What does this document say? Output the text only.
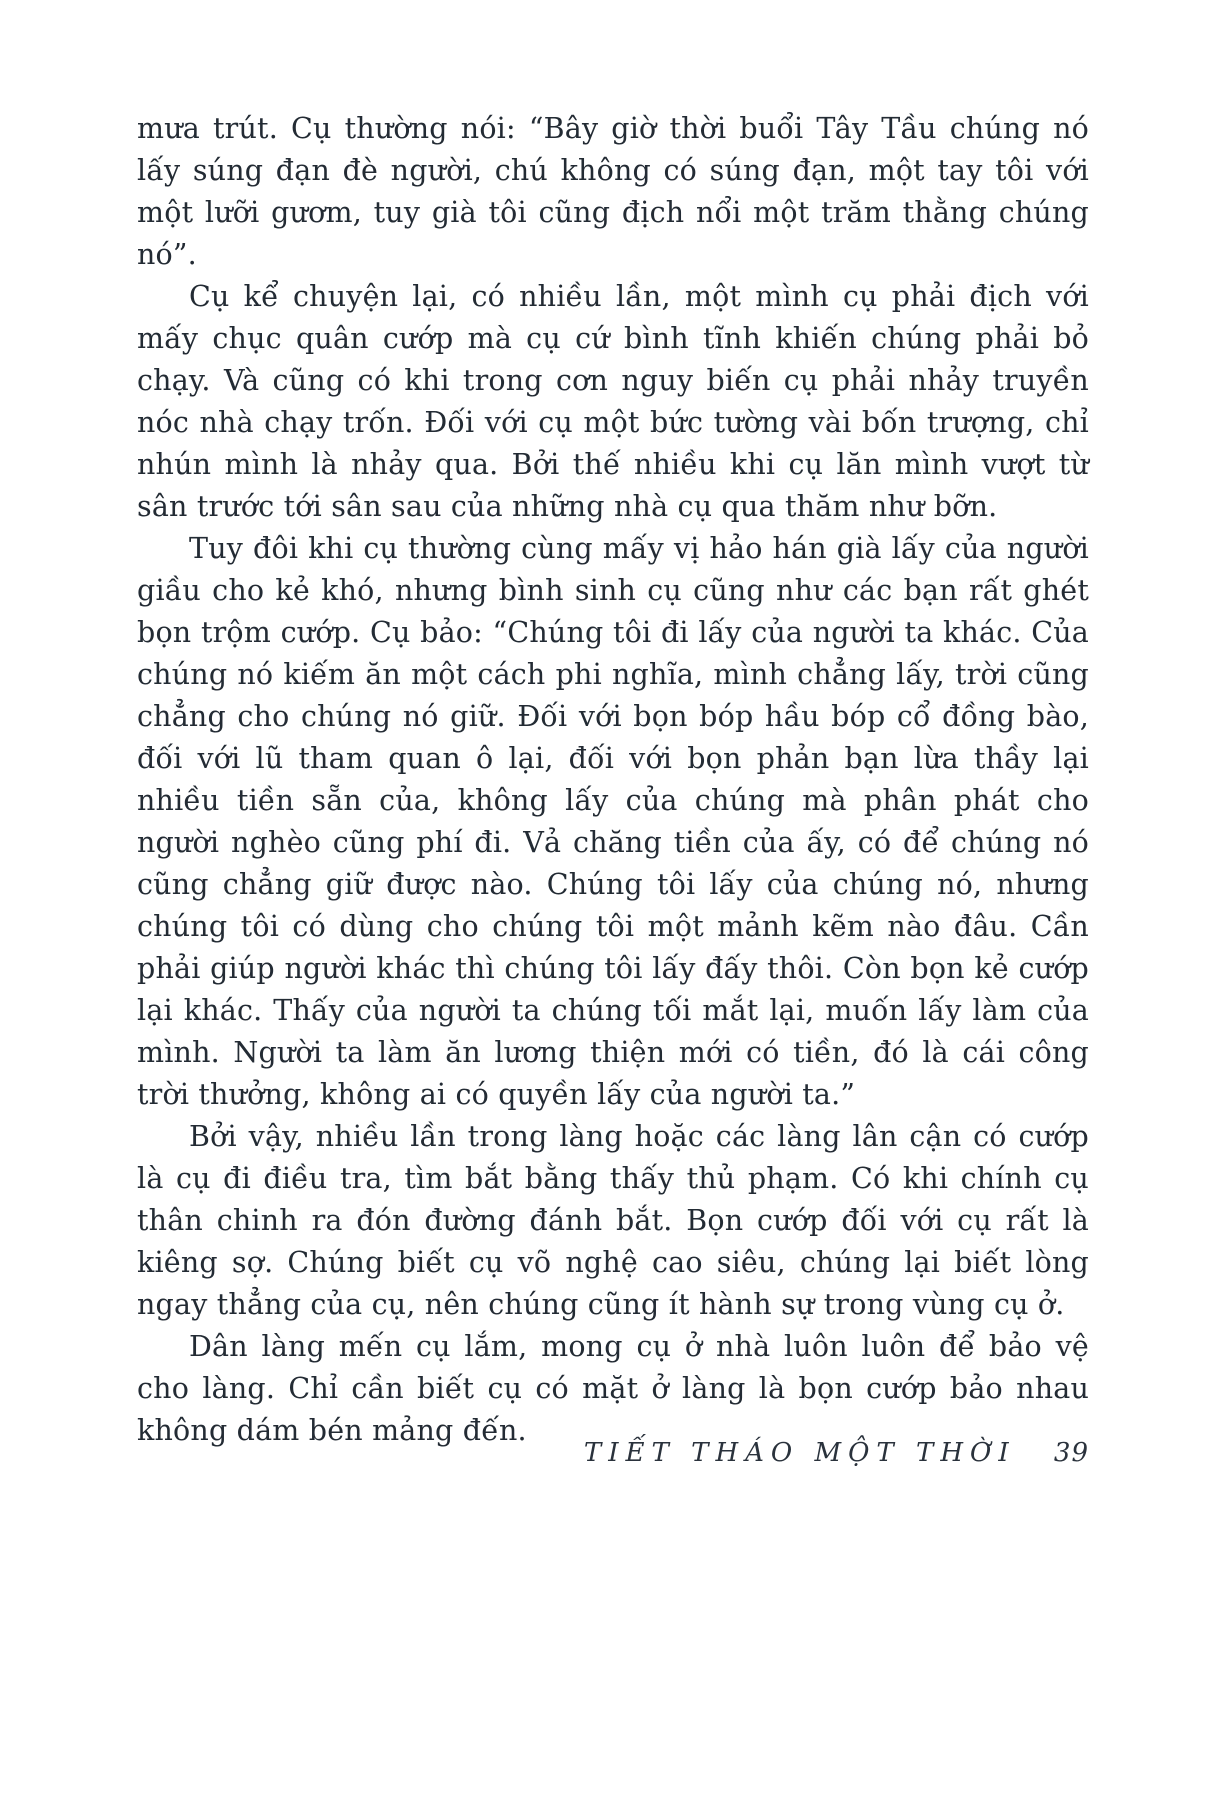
mưa trút. Cụ thường nói: “Bây giờ thời buổi Tây Tầu chúng nó lấy súng đạn đè người, chú không có súng đạn, một tay tôi với một lưỡi gươm, tuy già tôi cũng địch nổi một trăm thằng chúng nó”.

Cụ kể chuyện lại, có nhiều lần, một mình cụ phải địch với mấy chục quân cướp mà cụ cứ bình tĩnh khiến chúng phải bỏ chạy. Và cũng có khi trong cơn nguy biến cụ phải nhảy truyền nóc nhà chạy trốn. Đối với cụ một bức tường vài bốn trượng, chỉ nhún mình là nhảy qua. Bởi thế nhiều khi cụ lăn mình vượt từ sân trước tới sân sau của những nhà cụ qua thăm như bỡn.

Tuy đôi khi cụ thường cùng mấy vị hảo hán già lấy của người giầu cho kẻ khó, nhưng bình sinh cụ cũng như các bạn rất ghét bọn trộm cướp. Cụ bảo: “Chúng tôi đi lấy của người ta khác. Của chúng nó kiếm ăn một cách phi nghĩa, mình chẳng lấy, trời cũng chẳng cho chúng nó giữ. Đối với bọn bóp hầu bóp cổ đồng bào, đối với lũ tham quan ô lại, đối với bọn phản bạn lừa thầy lại nhiều tiền sẵn của, không lấy của chúng mà phân phát cho người nghèo cũng phí đi. Vả chăng tiền của ấy, có để chúng nó cũng chẳng giữ được nào. Chúng tôi lấy của chúng nó, nhưng chúng tôi có dùng cho chúng tôi một mảnh kẽm nào đâu. Cần phải giúp người khác thì chúng tôi lấy đấy thôi. Còn bọn kẻ cướp lại khác. Thấy của người ta chúng tối mắt lại, muốn lấy làm của mình. Người ta làm ăn lương thiện mới có tiền, đó là cái công trời thưởng, không ai có quyền lấy của người ta.”

Bởi vậy, nhiều lần trong làng hoặc các làng lân cận có cướp là cụ đi điều tra, tìm bắt bằng thấy thủ phạm. Có khi chính cụ thân chinh ra đón đường đánh bắt. Bọn cướp đối với cụ rất là kiêng sợ. Chúng biết cụ võ nghệ cao siêu, chúng lại biết lòng ngay thẳng của cụ, nên chúng cũng ít hành sự trong vùng cụ ở.

Dân làng mến cụ lắm, mong cụ ở nhà luôn luôn để bảo vệ cho làng. Chỉ cần biết cụ có mặt ở làng là bọn cướp bảo nhau không dám bén mảng đến.

TIẾT THÁO MỘT THỜI 39
